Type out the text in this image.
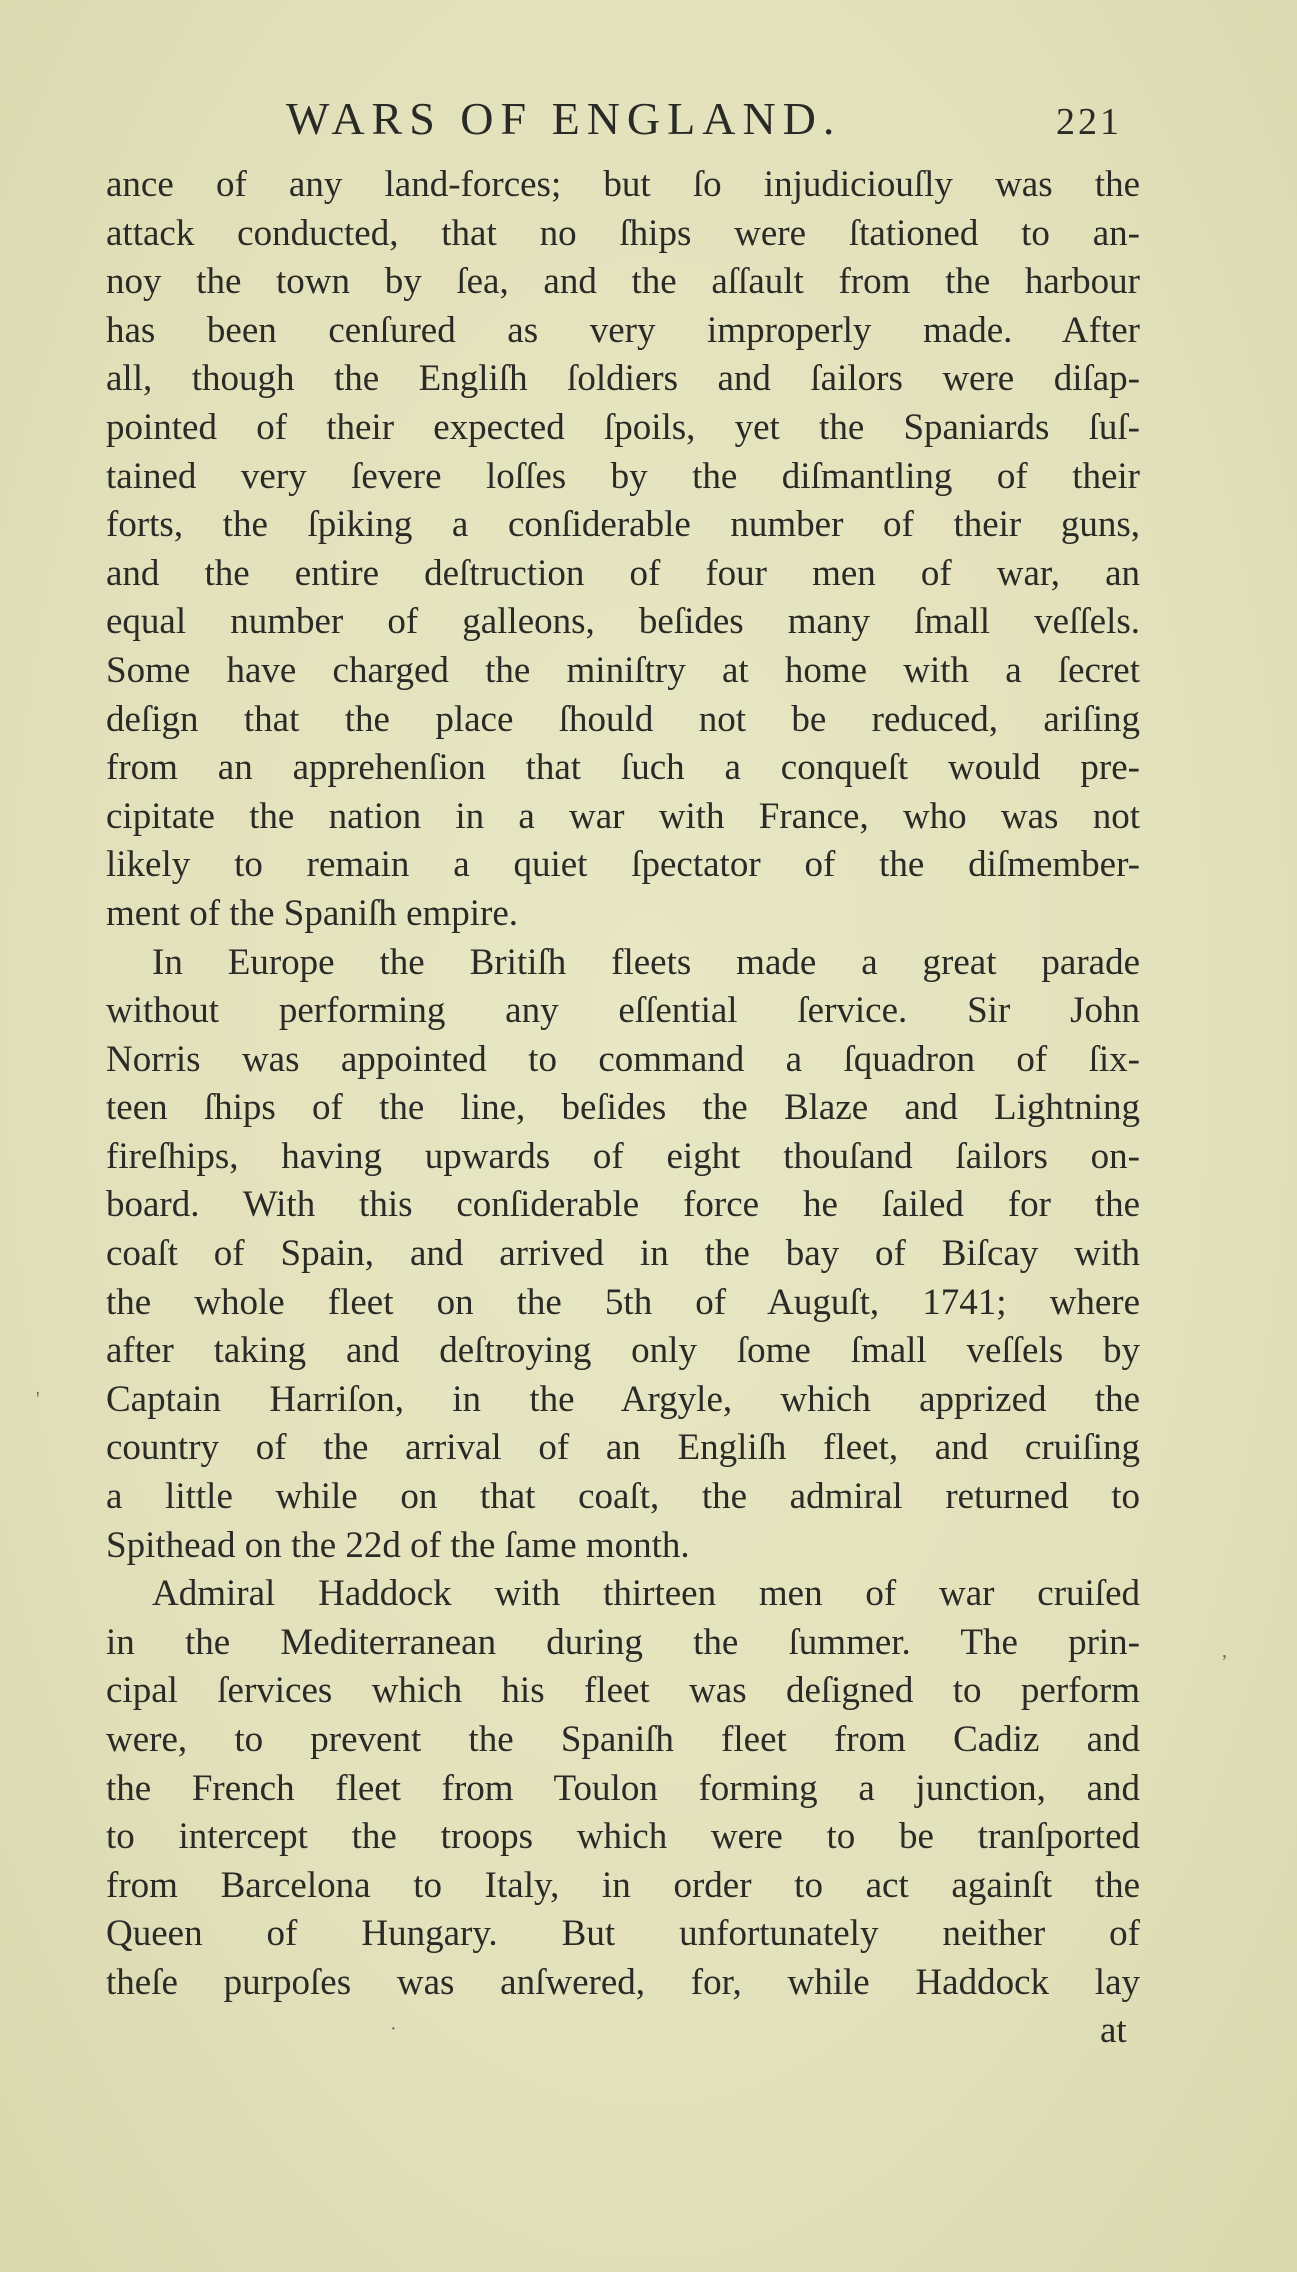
WARS OF ENGLAND.	221
ance of any land-forces; but ſo injudiciouſly was the
attack conducted, that no ſhips were ſtationed to an-
noy the town by ſea, and the aſſault from the harbour
has been cenſured as very improperly made. After
all, though the Engliſh ſoldiers and ſailors were diſap-
pointed of their expected ſpoils, yet the Spaniards ſuſ-
tained very ſevere loſſes by the diſmantling of their
forts, the ſpiking a conſiderable number of their guns,
and the entire deſtruction of four men of war, an
equal number of galleons, beſides many ſmall veſſels.
Some have charged the miniſtry at home with a ſecret
deſign that the place ſhould not be reduced, ariſing
from an apprehenſion that ſuch a conqueſt would pre-
cipitate the nation in a war with France, who was not
likely to remain a quiet ſpectator of the diſmember-
ment of the Spaniſh empire.
In Europe the Britiſh fleets made a great parade
without performing any eſſential ſervice. Sir John
Norris was appointed to command a ſquadron of ſix-
teen ſhips of the line, beſides the Blaze and Lightning
fireſhips, having upwards of eight thouſand ſailors on-
board. With this conſiderable force he ſailed for the
coaſt of Spain, and arrived in the bay of Biſcay with
the whole fleet on the 5th of Auguſt, 1741; where
after taking and deſtroying only ſome ſmall veſſels by
Captain Harriſon, in the Argyle, which apprized the
country of the arrival of an Engliſh fleet, and cruiſing
a little while on that coaſt, the admiral returned to
Spithead on the 22d of the ſame month.
Admiral Haddock with thirteen men of war cruiſed
in the Mediterranean during the ſummer. The prin-
cipal ſervices which his fleet was deſigned to perform
were, to prevent the Spaniſh fleet from Cadiz and
the French fleet from Toulon forming a junction, and
to intercept the troops which were to be tranſported
from Barcelona to Italy, in order to act againſt the
Queen of Hungary. But unfortunately neither of
theſe purpoſes was anſwered, for, while Haddock lay
at
'
,
·
